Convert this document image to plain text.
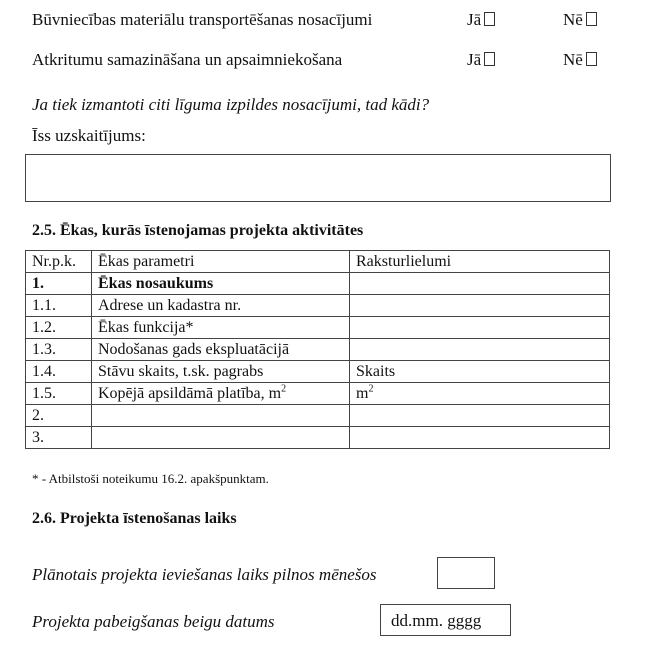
Būvniecības materiālu transportēšanas nosacījumi	Jā	Nē
Atkritumu samazināšana un apsaimniekošana	Jā	Nē
Ja tiek izmantoti citi līguma izpildes nosacījumi, tad kādi?
Īss uzskaitījums:
2.5. Ēkas, kurās īstenojamas projekta aktivitātes
Nr.p.k.	Ēkas parametri	Raksturlielumi
1.	Ēkas nosaukums	
1.1.	Adrese un kadastra nr.	
1.2.	Ēkas funkcija*	
1.3.	Nodošanas gads ekspluatācijā	
1.4.	Stāvu skaits, t.sk. pagrabs	Skaits
1.5.	Kopējā apsildāmā platība, $m^2$	$m^2$
2.		
3.		
* - Atbilstoši noteikumu 16.2. apakšpunktam.
2.6. Projekta īstenošanas laiks
Plānotais projekta ieviešanas laiks pilnos mēnešos
Projekta pabeigšanas beigu datums	dd.mm. gggg
